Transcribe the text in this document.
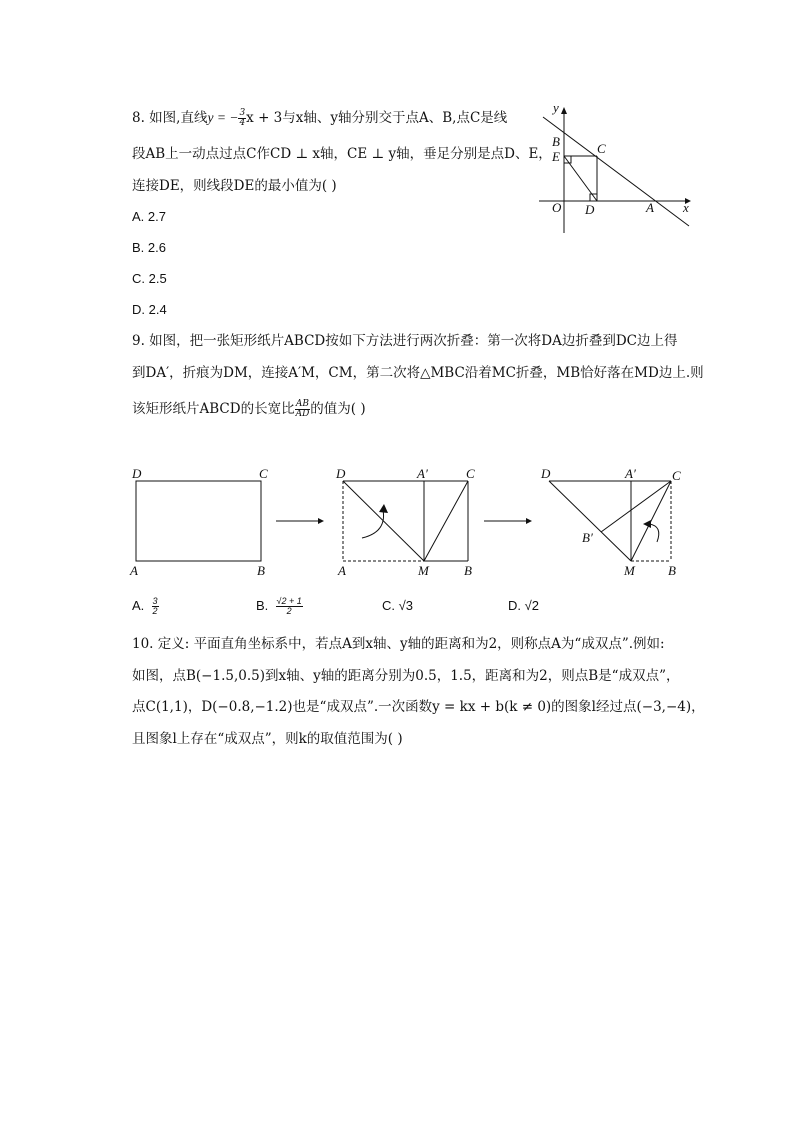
8. 如图,直线y = − $\frac{3}{4}$ x + 3与x轴、y轴分别交于点A、B,点C是线
段AB上一动点过点C作CD ⊥ x轴，CE ⊥ y轴，垂足分别是点D、E，
连接DE，则线段DE的最小值为( )
A. 2.7
B. 2.6
C. 2.5
D. 2.4
y
x
B
E
C
O D	A
9. 如图，把一张矩形纸片ABCD按如下方法进行两次折叠：第一次将DA边折叠到DC边上得
到DA′，折痕为DM，连接A′M，CM，第二次将△MBC沿着MC折叠，MB恰好落在MD边上.则
该矩形纸片ABCD的长宽比 $\frac{AB}{AD}$ 的值为( )
D	C
A	B
D	A′	C
A	M	B
D	A′	C
B′
M	B
A. $\frac{3}{2}$	B. $\frac{√2 + 1}{2}$	C. √3	D. √2
10. 定义: 平面直角坐标系中，若点A到x轴、y轴的距离和为2，则称点A为“成双点”.例如:
如图，点B(−1.5,0.5)到x轴、y轴的距离分别为0.5，1.5，距离和为2，则点B是“成双点”，
点C(1,1)，D(−0.8,−1.2)也是“成双点”.一次函数y = kx + b(k ≠ 0)的图象l经过点(−3,−4)，
且图象l上存在“成双点”，则k的取值范围为( )
